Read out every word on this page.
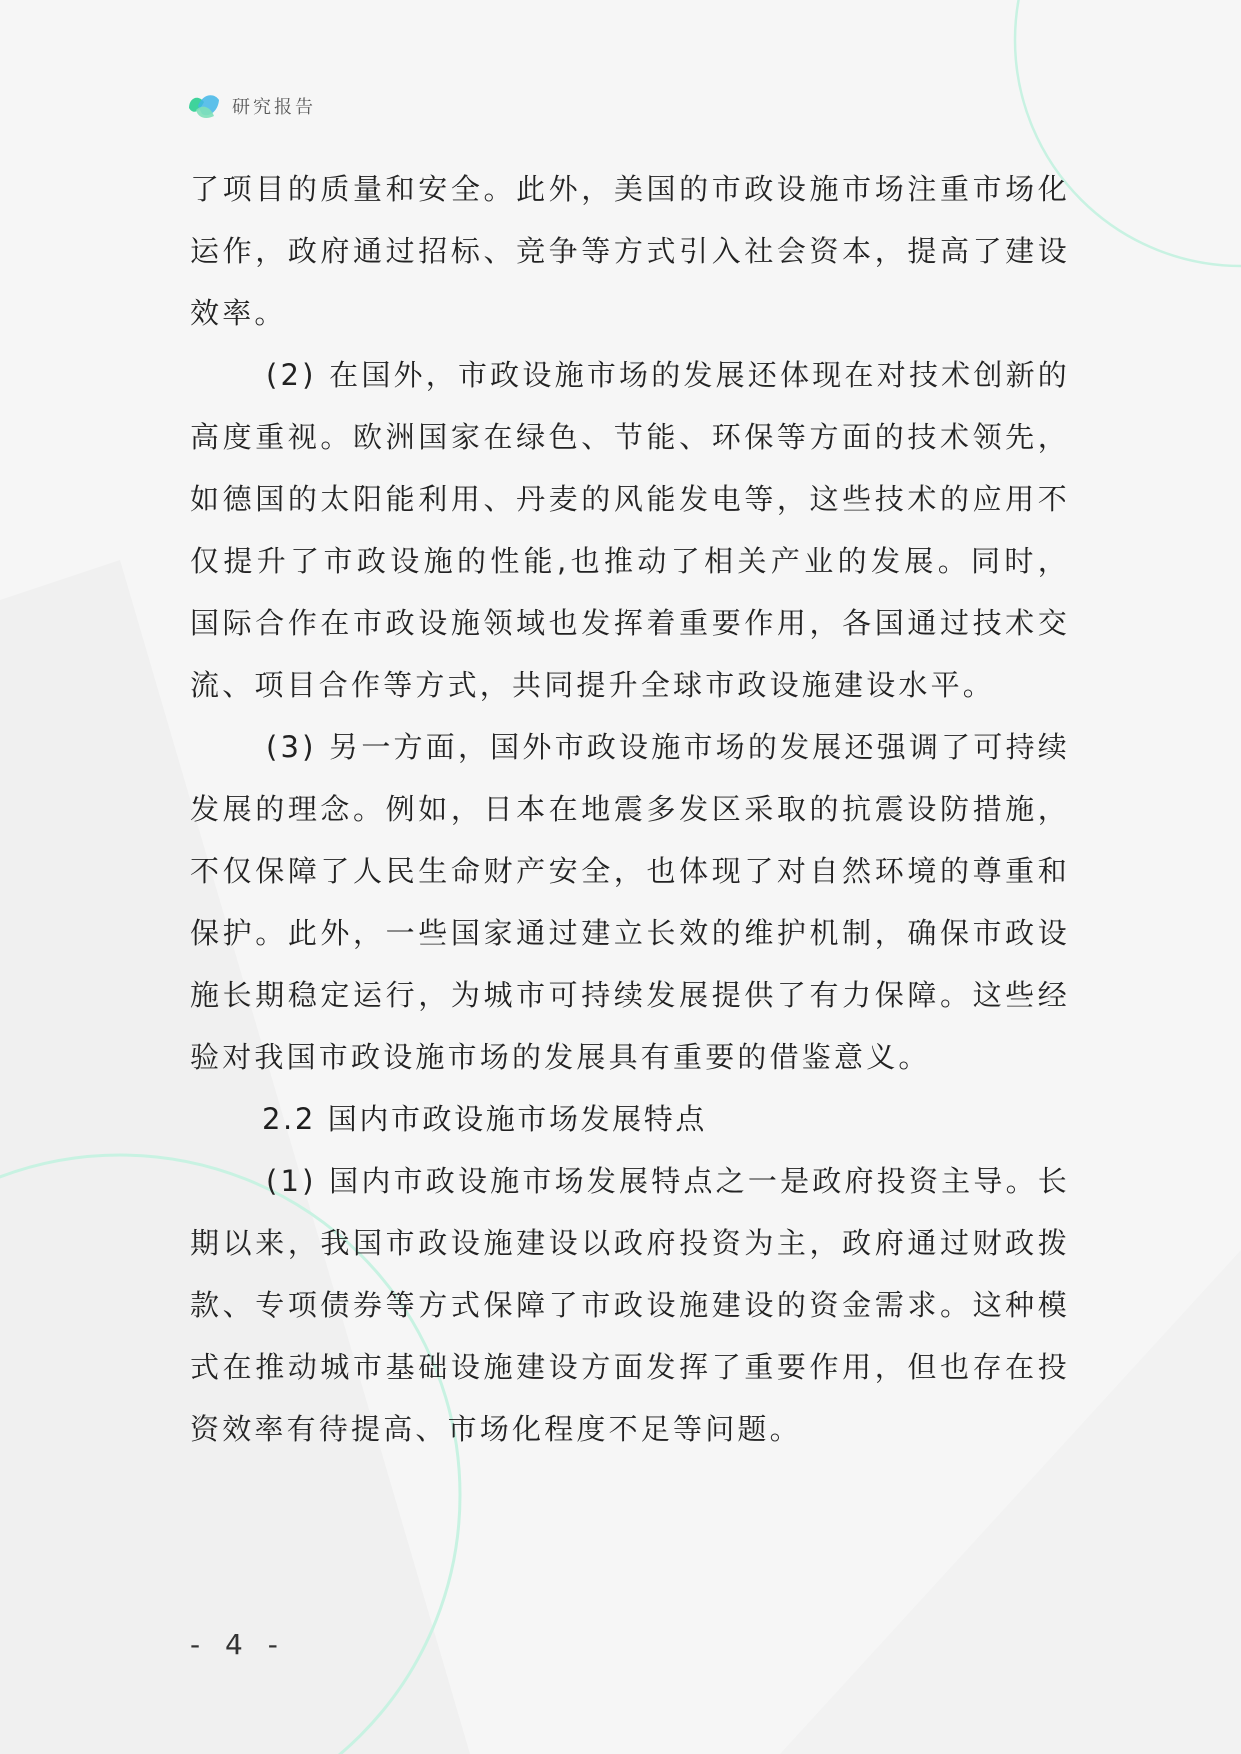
研究报告

了项目的质量和安全。此外，美国的市政设施市场注重市场化运作，政府通过招标、竞争等方式引入社会资本，提高了建设效率。

(2) 在国外，市政设施市场的发展还体现在对技术创新的高度重视。欧洲国家在绿色、节能、环保等方面的技术领先，如德国的太阳能利用、丹麦的风能发电等，这些技术的应用不仅提升了市政设施的性能,也推动了相关产业的发展。同时，国际合作在市政设施领域也发挥着重要作用，各国通过技术交流、项目合作等方式，共同提升全球市政设施建设水平。

(3) 另一方面，国外市政设施市场的发展还强调了可持续发展的理念。例如，日本在地震多发区采取的抗震设防措施，不仅保障了人民生命财产安全，也体现了对自然环境的尊重和保护。此外，一些国家通过建立长效的维护机制，确保市政设施长期稳定运行，为城市可持续发展提供了有力保障。这些经验对我国市政设施市场的发展具有重要的借鉴意义。

2.2 国内市政设施市场发展特点

(1) 国内市政设施市场发展特点之一是政府投资主导。长期以来，我国市政设施建设以政府投资为主，政府通过财政拨款、专项债券等方式保障了市政设施建设的资金需求。这种模式在推动城市基础设施建设方面发挥了重要作用，但也存在投资效率有待提高、市场化程度不足等问题。

- 4 -
